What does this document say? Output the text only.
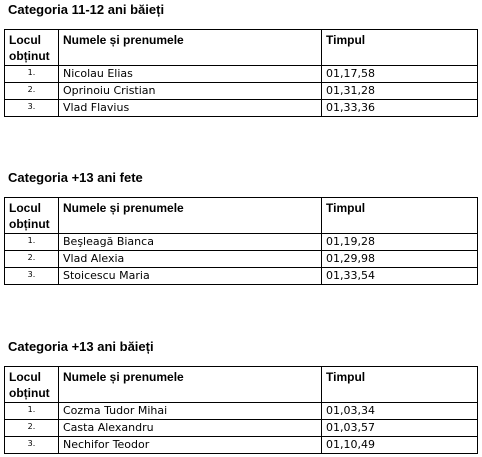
Categoria 11-12 ani băieți
Locul obținut	Numele și prenumele	Timpul
1.	Nicolau Elias	01,17,58
2.	Oprinoiu Cristian	01,31,28
3.	Vlad Flavius	01,33,36
Categoria +13 ani fete
Locul obținut	Numele și prenumele	Timpul
1.	Beşleagă Bianca	01,19,28
2.	Vlad Alexia	01,29,98
3.	Stoicescu Maria	01,33,54
Categoria +13 ani băieți
Locul obținut	Numele și prenumele	Timpul
1.	Cozma Tudor Mihai	01,03,34
2.	Casta Alexandru	01,03,57
3.	Nechifor Teodor	01,10,49
